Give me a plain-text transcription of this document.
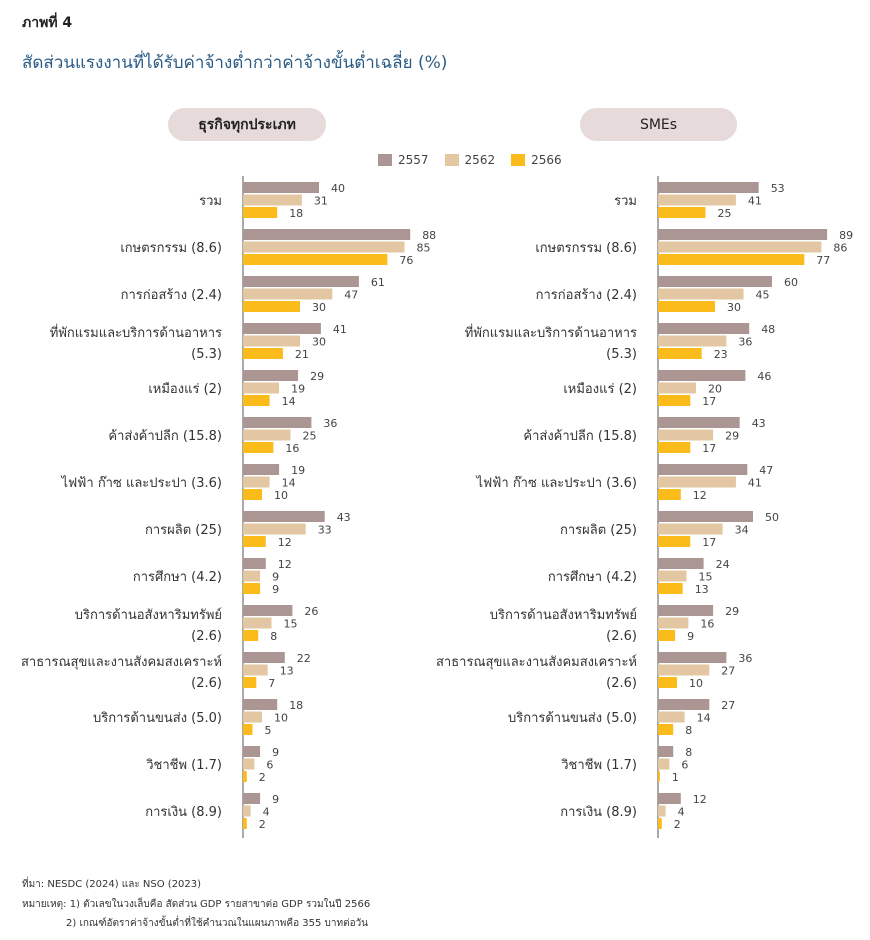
ภาพที่ 4
สัดส่วนแรงงานที่ได้รับค่าจ้างต่ำกว่าค่าจ้างขั้นต่ำเฉลี่ย (%)
ธุรกิจทุกประเภท	SMEs
2557	2562	2566
รวม
40
31
18
เกษตรกรรม (8.6)
88
85
76
การก่อสร้าง (2.4)
61
47
30
ที่พักแรมและบริการด้านอาหาร
(5.3)
41
30
21
เหมืองแร่ (2)
29
19
14
ค้าส่งค้าปลีก (15.8)
36
25
16
ไฟฟ้า ก๊าซ และประปา (3.6)
19
14
10
การผลิต (25)
43
33
12
การศึกษา (4.2)
12
9
9
บริการด้านอสังหาริมทรัพย์
(2.6)
26
15
8
สาธารณสุขและงานสังคมสงเคราะห์
(2.6)
22
13
7
บริการด้านขนส่ง (5.0)
18
10
5
วิชาชีพ (1.7)
9
6
2
การเงิน (8.9)
9
4
2
รวม
53
41
25
เกษตรกรรม (8.6)
89
86
77
การก่อสร้าง (2.4)
60
45
30
ที่พักแรมและบริการด้านอาหาร
(5.3)
48
36
23
เหมืองแร่ (2)
46
20
17
ค้าส่งค้าปลีก (15.8)
43
29
17
ไฟฟ้า ก๊าซ และประปา (3.6)
47
41
12
การผลิต (25)
50
34
17
การศึกษา (4.2)
24
15
13
บริการด้านอสังหาริมทรัพย์
(2.6)
29
16
9
สาธารณสุขและงานสังคมสงเคราะห์
(2.6)
36
27
10
บริการด้านขนส่ง (5.0)
27
14
8
วิชาชีพ (1.7)
8
6
1
การเงิน (8.9)
12
4
2
ที่มา: NESDC (2024) และ NSO (2023)
หมายเหตุ: 1) ตัวเลขในวงเล็บคือ สัดส่วน GDP รายสาขาต่อ GDP รวมในปี 2566
2) เกณฑ์อัตราค่าจ้างขั้นต่ำที่ใช้คำนวณในแผนภาพคือ 355 บาทต่อวัน
